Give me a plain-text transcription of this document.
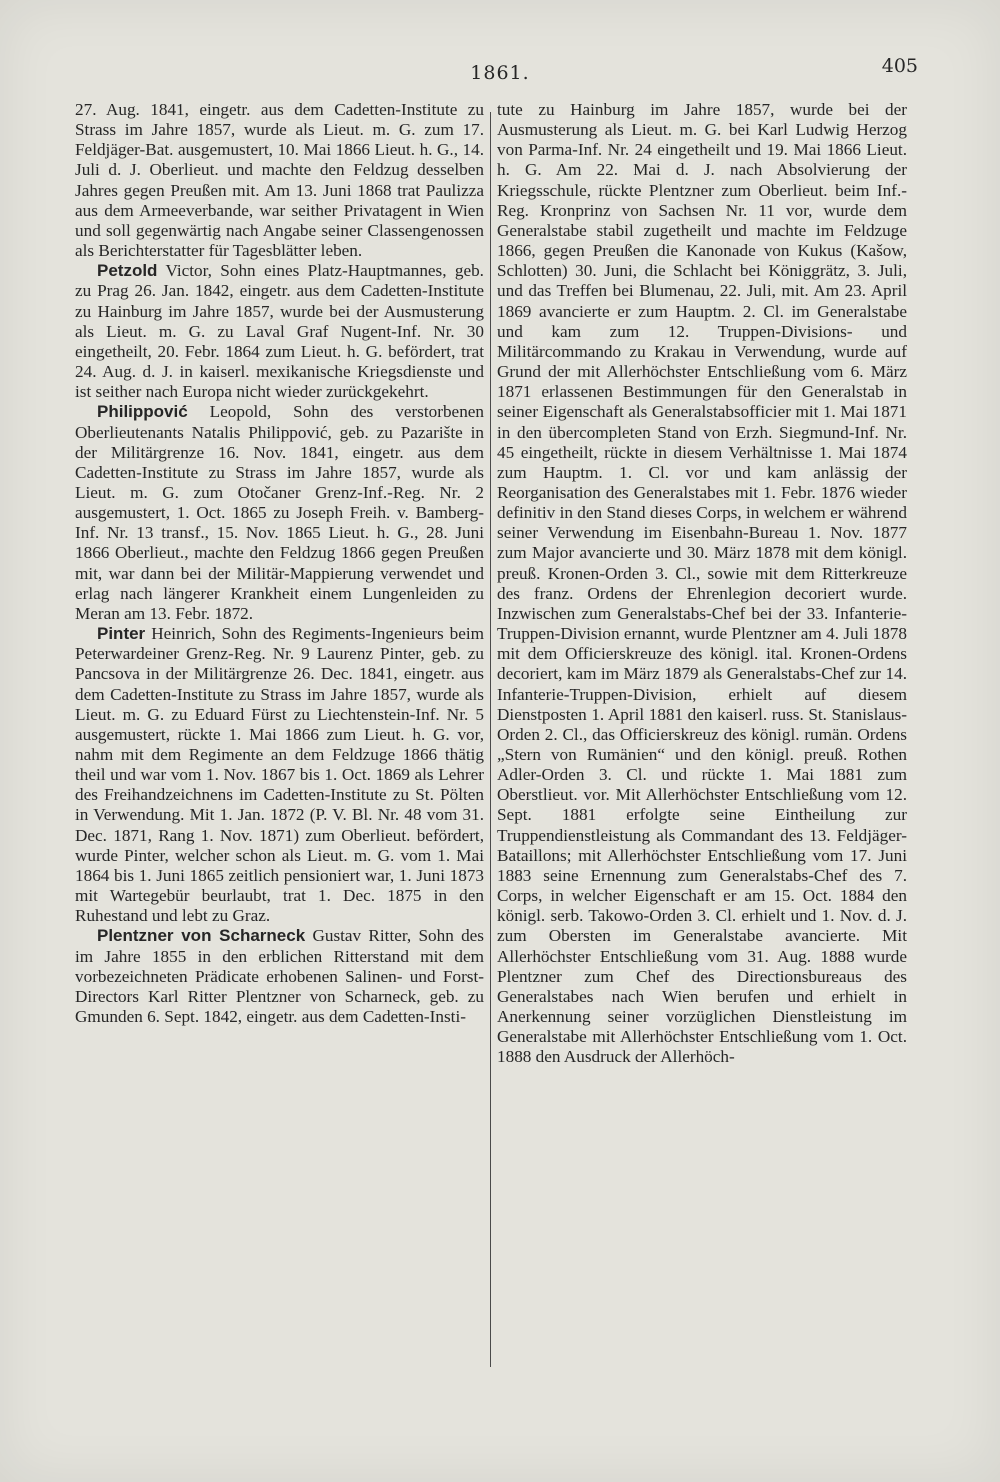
1861.	405

27. Aug. 1841, eingetr. aus dem Cadetten-Institute zu Strass im Jahre 1857, wurde als Lieut. m. G. zum 17. Feldjäger-Bat. ausgemustert, 10. Mai 1866 Lieut. h. G., 14. Juli d. J. Oberlieut. und machte den Feldzug desselben Jahres gegen Preußen mit. Am 13. Juni 1868 trat Paulizza aus dem Armeeverbande, war seither Privatagent in Wien und soll gegenwärtig nach Angabe seiner Classengenossen als Berichterstatter für Tagesblätter leben.

Petzold Victor, Sohn eines Platz-Hauptmannes, geb. zu Prag 26. Jan. 1842, eingetr. aus dem Cadetten-Institute zu Hainburg im Jahre 1857, wurde bei der Ausmusterung als Lieut. m. G. zu Laval Graf Nugent-Inf. Nr. 30 eingetheilt, 20. Febr. 1864 zum Lieut. h. G. befördert, trat 24. Aug. d. J. in kaiserl. mexikanische Kriegsdienste und ist seither nach Europa nicht wieder zurückgekehrt.

Philippović Leopold, Sohn des verstorbenen Oberlieutenants Natalis Philippović, geb. zu Pazarište in der Militärgrenze 16. Nov. 1841, eingetr. aus dem Cadetten-Institute zu Strass im Jahre 1857, wurde als Lieut. m. G. zum Otočaner Grenz-Inf.-Reg. Nr. 2 ausgemustert, 1. Oct. 1865 zu Joseph Freih. v. Bamberg-Inf. Nr. 13 transf., 15. Nov. 1865 Lieut. h. G., 28. Juni 1866 Oberlieut., machte den Feldzug 1866 gegen Preußen mit, war dann bei der Militär-Mappierung verwendet und erlag nach längerer Krankheit einem Lungenleiden zu Meran am 13. Febr. 1872.

Pinter Heinrich, Sohn des Regiments-Ingenieurs beim Peterwardeiner Grenz-Reg. Nr. 9 Laurenz Pinter, geb. zu Pancsova in der Militärgrenze 26. Dec. 1841, eingetr. aus dem Cadetten-Institute zu Strass im Jahre 1857, wurde als Lieut. m. G. zu Eduard Fürst zu Liechtenstein-Inf. Nr. 5 ausgemustert, rückte 1. Mai 1866 zum Lieut. h. G. vor, nahm mit dem Regimente an dem Feldzuge 1866 thätig theil und war vom 1. Nov. 1867 bis 1. Oct. 1869 als Lehrer des Freihandzeichnens im Cadetten-Institute zu St. Pölten in Verwendung. Mit 1. Jan. 1872 (P. V. Bl. Nr. 48 vom 31. Dec. 1871, Rang 1. Nov. 1871) zum Oberlieut. befördert, wurde Pinter, welcher schon als Lieut. m. G. vom 1. Mai 1864 bis 1. Juni 1865 zeitlich pensioniert war, 1. Juni 1873 mit Wartegebür beurlaubt, trat 1. Dec. 1875 in den Ruhestand und lebt zu Graz.

Plentzner von Scharneck Gustav Ritter, Sohn des im Jahre 1855 in den erblichen Ritterstand mit dem vorbezeichneten Prädicate erhobenen Salinen- und Forst-Directors Karl Ritter Plentzner von Scharneck, geb. zu Gmunden 6. Sept. 1842, eingetr. aus dem Cadetten-Insti-

tute zu Hainburg im Jahre 1857, wurde bei der Ausmusterung als Lieut. m. G. bei Karl Ludwig Herzog von Parma-Inf. Nr. 24 eingetheilt und 19. Mai 1866 Lieut. h. G. Am 22. Mai d. J. nach Absolvierung der Kriegsschule, rückte Plentzner zum Oberlieut. beim Inf.-Reg. Kronprinz von Sachsen Nr. 11 vor, wurde dem Generalstabe stabil zugetheilt und machte im Feldzuge 1866, gegen Preußen die Kanonade von Kukus (Kašow, Schlotten) 30. Juni, die Schlacht bei Königgrätz, 3. Juli, und das Treffen bei Blumenau, 22. Juli, mit. Am 23. April 1869 avancierte er zum Hauptm. 2. Cl. im Generalstabe und kam zum 12. Truppen-Divisions- und Militärcommando zu Krakau in Verwendung, wurde auf Grund der mit Allerhöchster Entschließung vom 6. März 1871 erlassenen Bestimmungen für den Generalstab in seiner Eigenschaft als Generalstabsofficier mit 1. Mai 1871 in den übercompleten Stand von Erzh. Siegmund-Inf. Nr. 45 eingetheilt, rückte in diesem Verhältnisse 1. Mai 1874 zum Hauptm. 1. Cl. vor und kam anlässig der Reorganisation des Generalstabes mit 1. Febr. 1876 wieder definitiv in den Stand dieses Corps, in welchem er während seiner Verwendung im Eisenbahn-Bureau 1. Nov. 1877 zum Major avancierte und 30. März 1878 mit dem königl. preuß. Kronen-Orden 3. Cl., sowie mit dem Ritterkreuze des franz. Ordens der Ehrenlegion decoriert wurde. Inzwischen zum Generalstabs-Chef bei der 33. Infanterie-Truppen-Division ernannt, wurde Plentzner am 4. Juli 1878 mit dem Officierskreuze des königl. ital. Kronen-Ordens decoriert, kam im März 1879 als Generalstabs-Chef zur 14. Infanterie-Truppen-Division, erhielt auf diesem Dienstposten 1. April 1881 den kaiserl. russ. St. Stanislaus-Orden 2. Cl., das Officierskreuz des königl. rumän. Ordens „Stern von Rumänien“ und den königl. preuß. Rothen Adler-Orden 3. Cl. und rückte 1. Mai 1881 zum Oberstlieut. vor. Mit Allerhöchster Entschließung vom 12. Sept. 1881 erfolgte seine Eintheilung zur Truppendienstleistung als Commandant des 13. Feldjäger-Bataillons; mit Allerhöchster Entschließung vom 17. Juni 1883 seine Ernennung zum Generalstabs-Chef des 7. Corps, in welcher Eigenschaft er am 15. Oct. 1884 den königl. serb. Takowo-Orden 3. Cl. erhielt und 1. Nov. d. J. zum Obersten im Generalstabe avancierte. Mit Allerhöchster Entschließung vom 31. Aug. 1888 wurde Plentzner zum Chef des Directionsbureaus des Generalstabes nach Wien berufen und erhielt in Anerkennung seiner vorzüglichen Dienstleistung im Generalstabe mit Allerhöchster Entschließung vom 1. Oct. 1888 den Ausdruck der Allerhöch-
